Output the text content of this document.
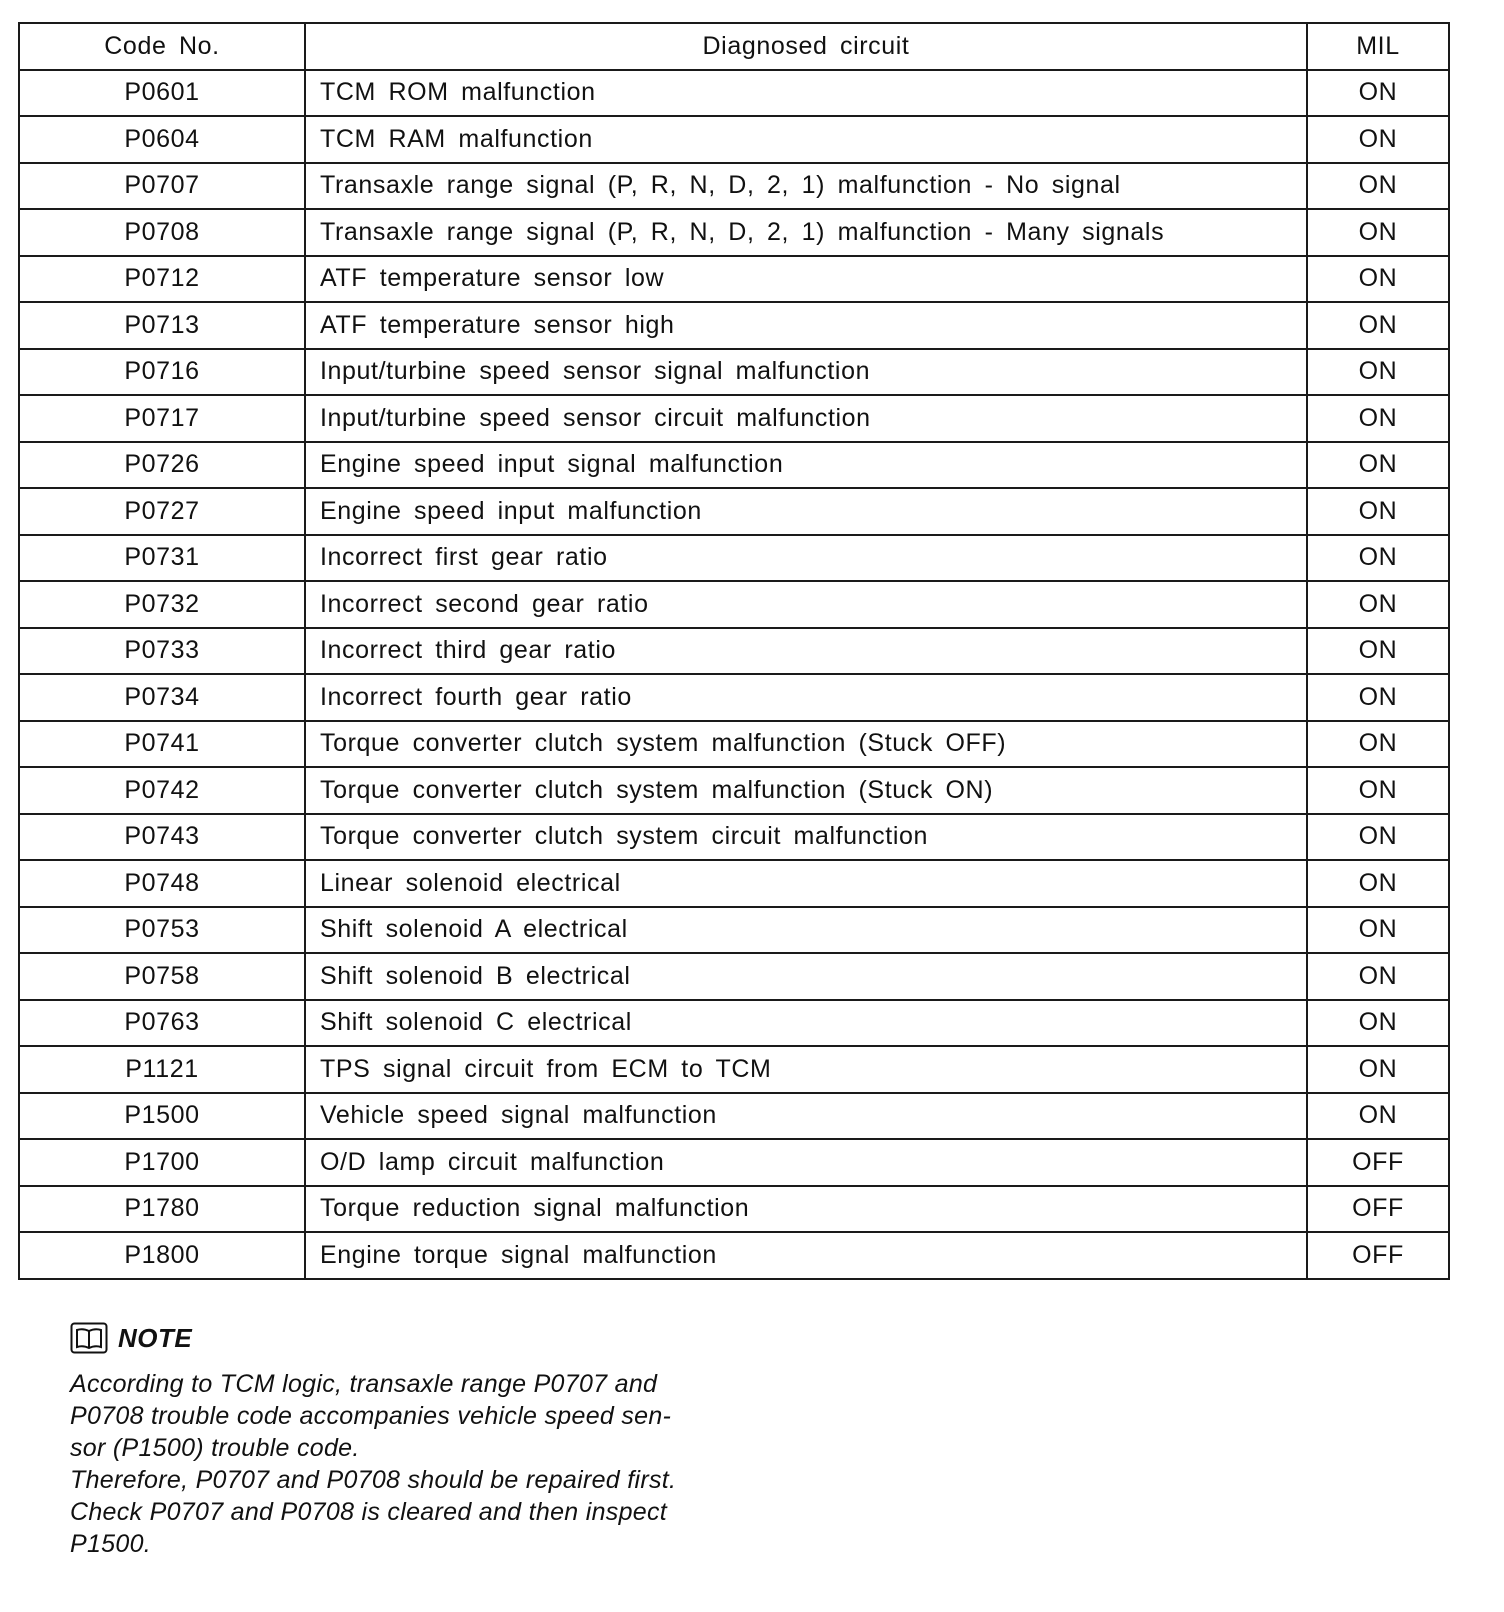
Code No.	Diagnosed circuit	MIL
P0601	TCM ROM malfunction	ON
P0604	TCM RAM malfunction	ON
P0707	Transaxle range signal (P, R, N, D, 2, 1) malfunction - No signal	ON
P0708	Transaxle range signal (P, R, N, D, 2, 1) malfunction - Many signals	ON
P0712	ATF temperature sensor low	ON
P0713	ATF temperature sensor high	ON
P0716	Input/turbine speed sensor signal malfunction	ON
P0717	Input/turbine speed sensor circuit malfunction	ON
P0726	Engine speed input signal malfunction	ON
P0727	Engine speed input malfunction	ON
P0731	Incorrect first gear ratio	ON
P0732	Incorrect second gear ratio	ON
P0733	Incorrect third gear ratio	ON
P0734	Incorrect fourth gear ratio	ON
P0741	Torque converter clutch system malfunction (Stuck OFF)	ON
P0742	Torque converter clutch system malfunction (Stuck ON)	ON
P0743	Torque converter clutch system circuit malfunction	ON
P0748	Linear solenoid electrical	ON
P0753	Shift solenoid A electrical	ON
P0758	Shift solenoid B electrical	ON
P0763	Shift solenoid C electrical	ON
P1121	TPS signal circuit from ECM to TCM	ON
P1500	Vehicle speed signal malfunction	ON
P1700	O/D lamp circuit malfunction	OFF
P1780	Torque reduction signal malfunction	OFF
P1800	Engine torque signal malfunction	OFF
NOTE
According to TCM logic, transaxle range P0707 and
P0708 trouble code accompanies vehicle speed sen-
sor (P1500) trouble code.
Therefore, P0707 and P0708 should be repaired first.
Check P0707 and P0708 is cleared and then inspect
P1500.
